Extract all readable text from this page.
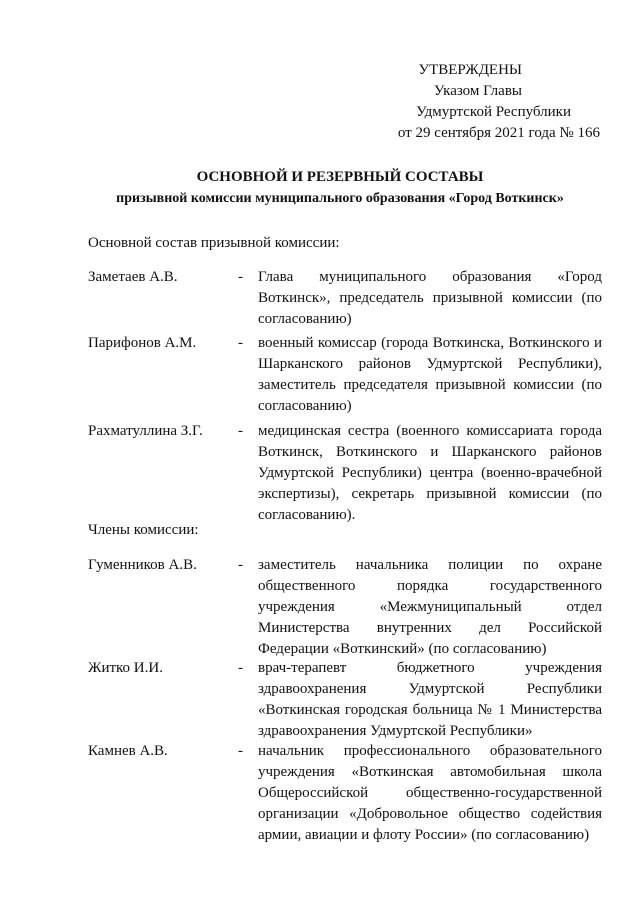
УТВЕРЖДЕНЫ
Указом Главы
Удмуртской Республики
от 29 сентября 2021 года № 166
ОСНОВНОЙ И РЕЗЕРВНЫЙ СОСТАВЫ
призывной комиссии муниципального образования «Город Воткинск»
Основной состав призывной комиссии:
Заметаев А.В.	- Глава муниципального образования «Город Воткинск», председатель призывной комиссии (по согласованию)
Парифонов А.М.	- военный комиссар (города Воткинска, Воткинского и Шарканского районов Удмуртской Республики), заместитель председателя призывной комиссии (по согласованию)
Рахматуллина З.Г. - медицинская сестра (военного комиссариата города Воткинск, Воткинского и Шарканского районов Удмуртской Республики) центра (военно-врачебной экспертизы), секретарь призывной комиссии (по согласованию).
Члены комиссии:
Гуменников А.В.	- заместитель начальника полиции по охране общественного порядка государственного учреждения «Межмуниципальный отдел Министерства внутренних дел Российской Федерации «Воткинский» (по согласованию)
Житко И.И.	- врач-терапевт бюджетного учреждения здравоохранения Удмуртской Республики «Воткинская городская больница № 1 Министерства здравоохранения Удмуртской Республики»
Камнев А.В.	- начальник профессионального образовательного учреждения «Воткинская автомобильная школа Общероссийской общественно-государственной организации «Добровольное общество содействия армии, авиации и флоту России» (по согласованию)
